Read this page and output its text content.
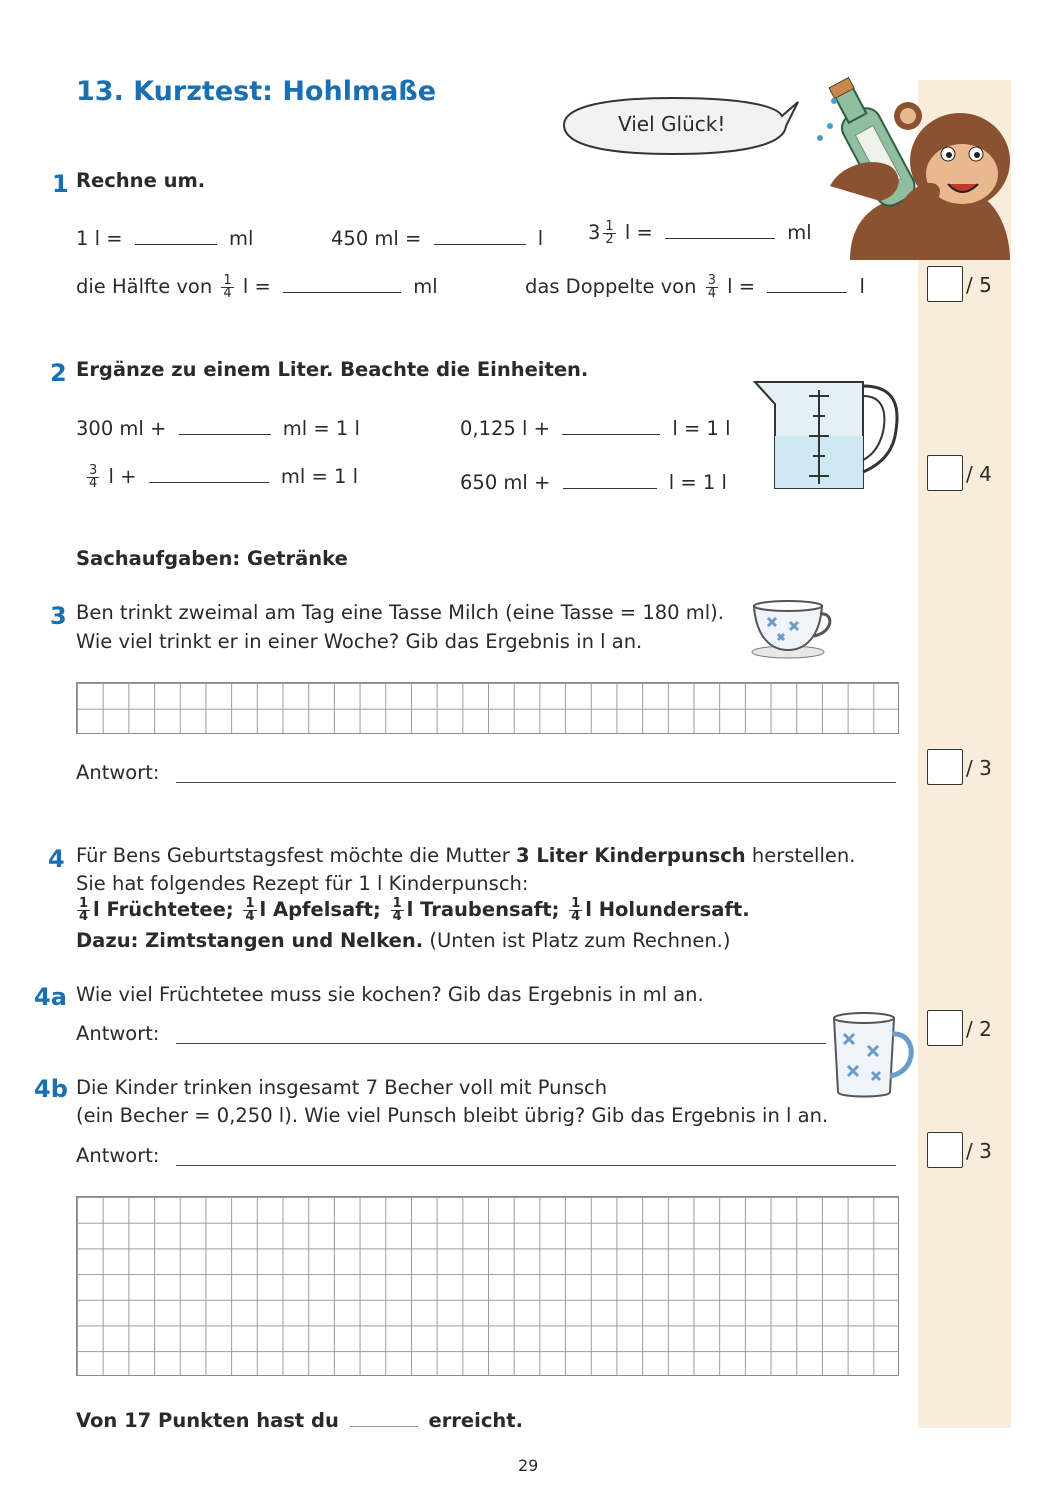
13. Kurztest: Hohlmaße
Viel Glück!
1 Rechne um.
1 l =	ml	450 ml =	l $3 \frac{1}{2}$ l =	ml
die Hälfte von $\frac{1}{4}$ l =	ml	das Doppelte von $\frac{3}{4}$ l =	l	/ 5
2 Ergänze zu einem Liter. Beachte die Einheiten.
300 ml +	ml = 1 l	0,125 l +	l = 1 l
$\frac{3}{4}$ l +	ml = 1 l	650 ml +	l = 1 l	/ 4
Sachaufgaben: Getränke
3 Ben trinkt zweimal am Tag eine Tasse Milch (eine Tasse = 180 ml).
Wie viel trinkt er in einer Woche? Gib das Ergebnis in l an.
Antwort:	/ 3
4 Für Bens Geburtstagsfest möchte die Mutter 3 Liter Kinderpunsch herstellen.
Sie hat folgendes Rezept für 1 l Kinderpunsch:
$\frac{1}{4}$ l Früchtetee; $\frac{1}{4}$ l Apfelsaft; $\frac{1}{4}$ l Traubensaft; $\frac{1}{4}$ l Holundersaft.
Dazu: Zimtstangen und Nelken. (Unten ist Platz zum Rechnen.)
4a Wie viel Früchtetee muss sie kochen? Gib das Ergebnis in ml an.
Antwort:	/ 2
4b Die Kinder trinken insgesamt 7 Becher voll mit Punsch
(ein Becher = 0,250 l). Wie viel Punsch bleibt übrig? Gib das Ergebnis in l an.
Antwort:	/ 3
Von 17 Punkten hast du	erreicht.
29
